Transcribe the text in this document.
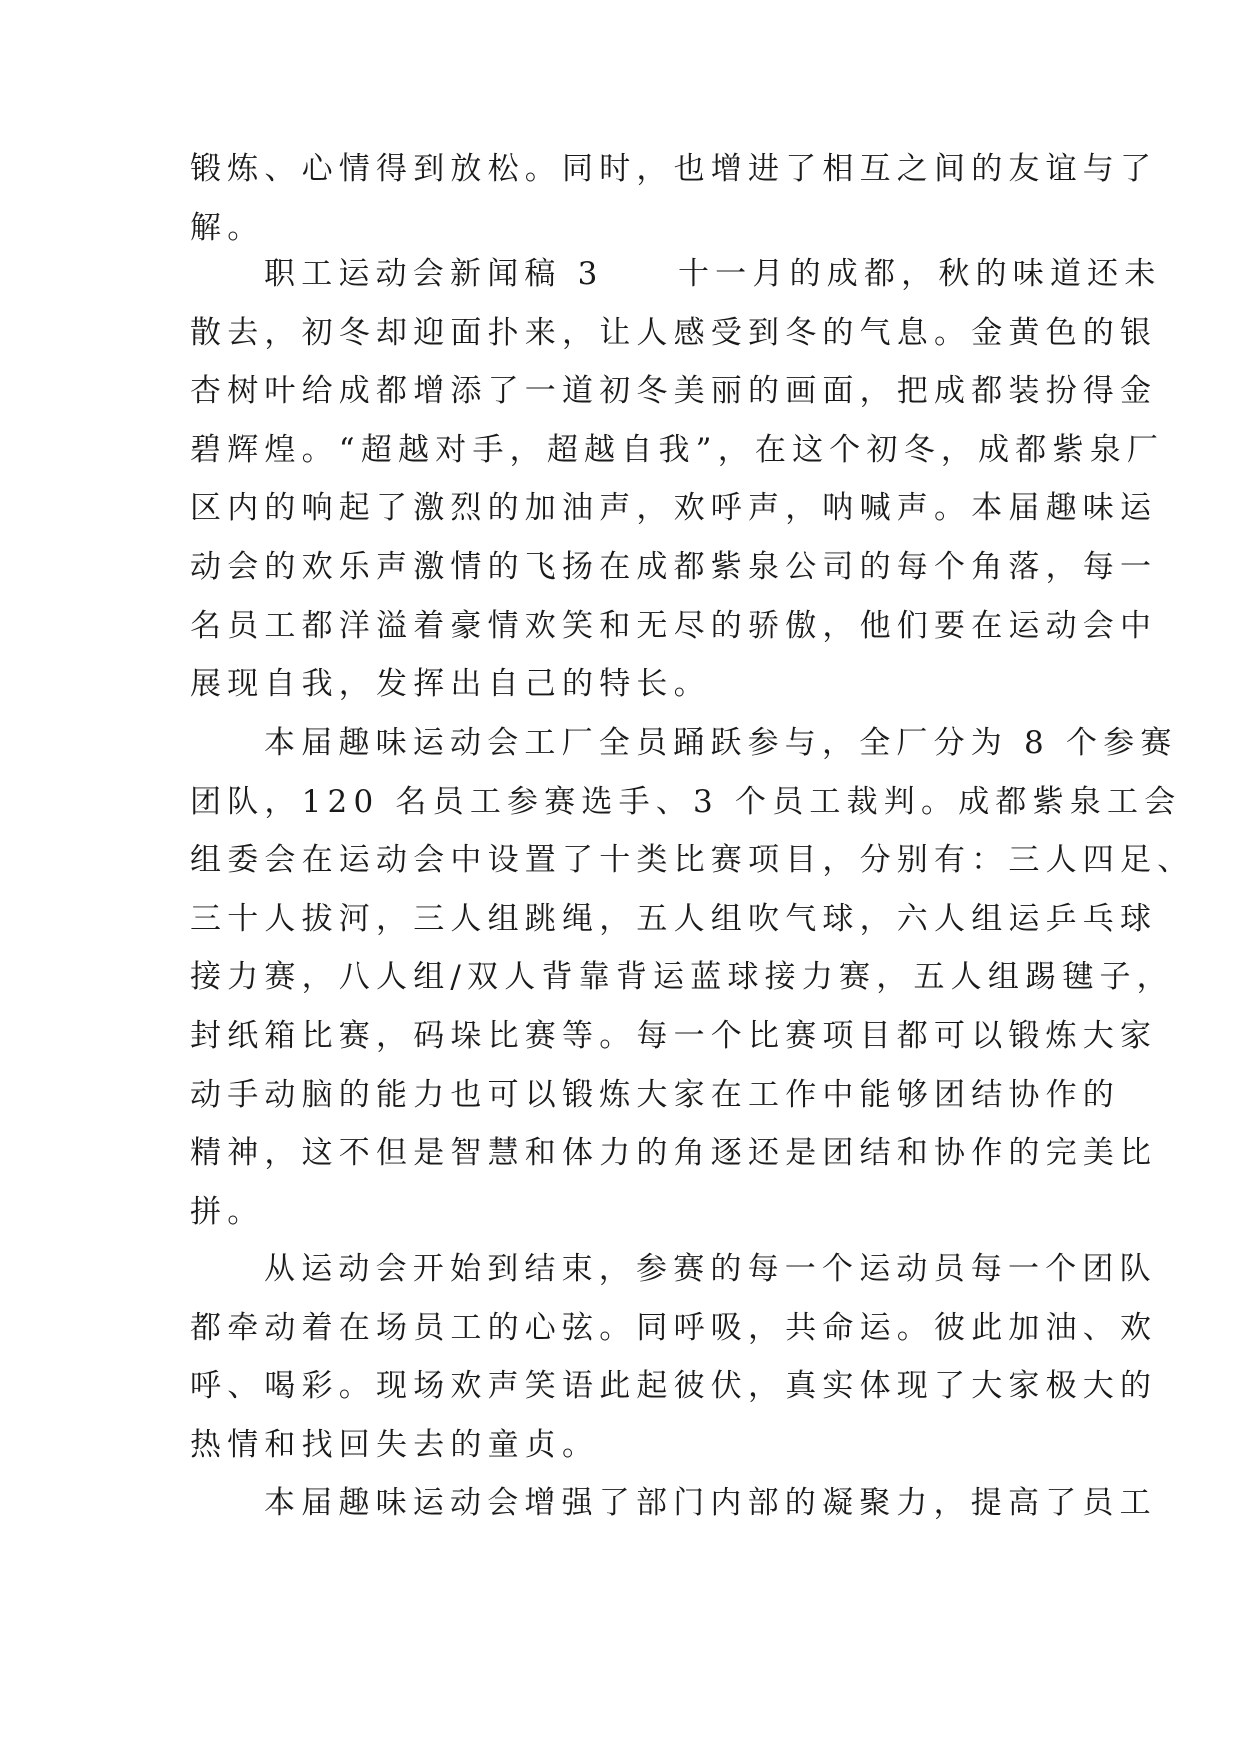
锻炼、心情得到放松。同时，也增进了相互之间的友谊与了
解。
职工运动会新闻稿 3　　十一月的成都，秋的味道还未
散去，初冬却迎面扑来，让人感受到冬的气息。金黄色的银
杏树叶给成都增添了一道初冬美丽的画面，把成都装扮得金
碧辉煌。“超越对手，超越自我”，在这个初冬，成都紫泉厂
区内的响起了激烈的加油声，欢呼声，呐喊声。本届趣味运
动会的欢乐声激情的飞扬在成都紫泉公司的每个角落，每一
名员工都洋溢着豪情欢笑和无尽的骄傲，他们要在运动会中
展现自我，发挥出自己的特长。
本届趣味运动会工厂全员踊跃参与，全厂分为 8 个参赛
团队，120 名员工参赛选手、3 个员工裁判。成都紫泉工会
组委会在运动会中设置了十类比赛项目，分别有：三人四足、
三十人拔河，三人组跳绳，五人组吹气球，六人组运乒乓球
接力赛，八人组/双人背靠背运蓝球接力赛，五人组踢毽子，
封纸箱比赛，码垛比赛等。每一个比赛项目都可以锻炼大家
动手动脑的能力也可以锻炼大家在工作中能够团结协作的
精神，这不但是智慧和体力的角逐还是团结和协作的完美比
拼。
从运动会开始到结束，参赛的每一个运动员每一个团队
都牵动着在场员工的心弦。同呼吸，共命运。彼此加油、欢
呼、喝彩。现场欢声笑语此起彼伏，真实体现了大家极大的
热情和找回失去的童贞。
本届趣味运动会增强了部门内部的凝聚力，提高了员工
